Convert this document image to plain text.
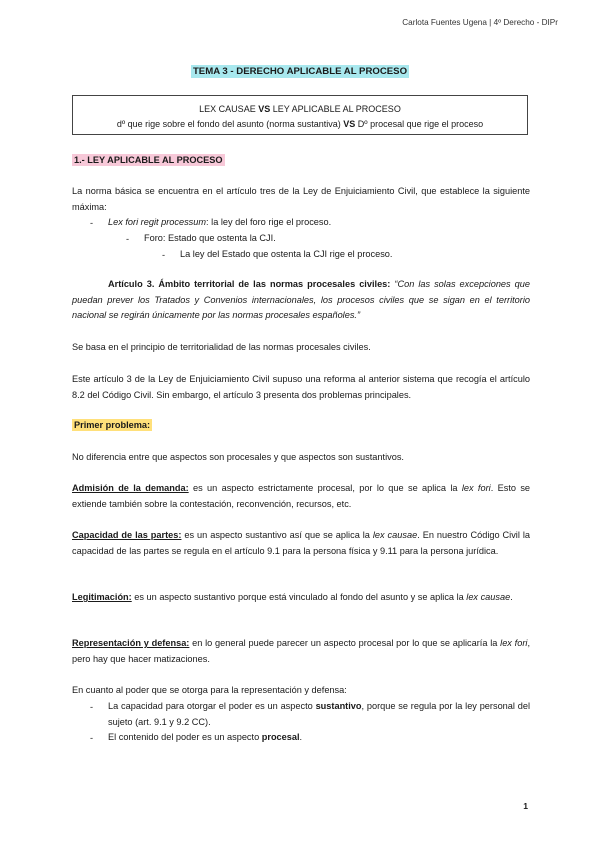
Carlota Fuentes Ugena | 4º Derecho - DIPr
TEMA 3 - DERECHO APLICABLE AL PROCESO
LEX CAUSAE VS LEY APLICABLE AL PROCESO
dº que rige sobre el fondo del asunto (norma sustantiva) VS Dº procesal que rige el proceso
1.- LEY APLICABLE AL PROCESO
La norma básica se encuentra en el artículo tres de la Ley de Enjuiciamiento Civil, que establece la siguiente máxima:
- Lex fori regit processum: la ley del foro rige el proceso.
- Foro: Estado que ostenta la CJI.
- La ley del Estado que ostenta la CJI rige el proceso.
Artículo 3. Ámbito territorial de las normas procesales civiles: “Con las solas excepciones que puedan prever los Tratados y Convenios internacionales, los procesos civiles que se sigan en el territorio nacional se regirán únicamente por las normas procesales españoles.”
Se basa en el principio de territorialidad de las normas procesales civiles.
Este artículo 3 de la Ley de Enjuiciamiento Civil supuso una reforma al anterior sistema que recogía el artículo 8.2 del Código Civil. Sin embargo, el artículo 3 presenta dos problemas principales.
Primer problema:
No diferencia entre que aspectos son procesales y que aspectos son sustantivos.
Admisión de la demanda: es un aspecto estrictamente procesal, por lo que se aplica la lex fori. Esto se extiende también sobre la contestación, reconvención, recursos, etc.
Capacidad de las partes: es un aspecto sustantivo así que se aplica la lex causae. En nuestro Código Civil la capacidad de las partes se regula en el artículo 9.1 para la persona física y 9.11 para la persona jurídica.
Legitimación: es un aspecto sustantivo porque está vinculado al fondo del asunto y se aplica la lex causae.
Representación y defensa: en lo general puede parecer un aspecto procesal por lo que se aplicaría la lex fori, pero hay que hacer matizaciones.
En cuanto al poder que se otorga para la representación y defensa:
- La capacidad para otorgar el poder es un aspecto sustantivo, porque se regula por la ley personal del sujeto (art. 9.1 y 9.2 CC).
- El contenido del poder es un aspecto procesal.
1
